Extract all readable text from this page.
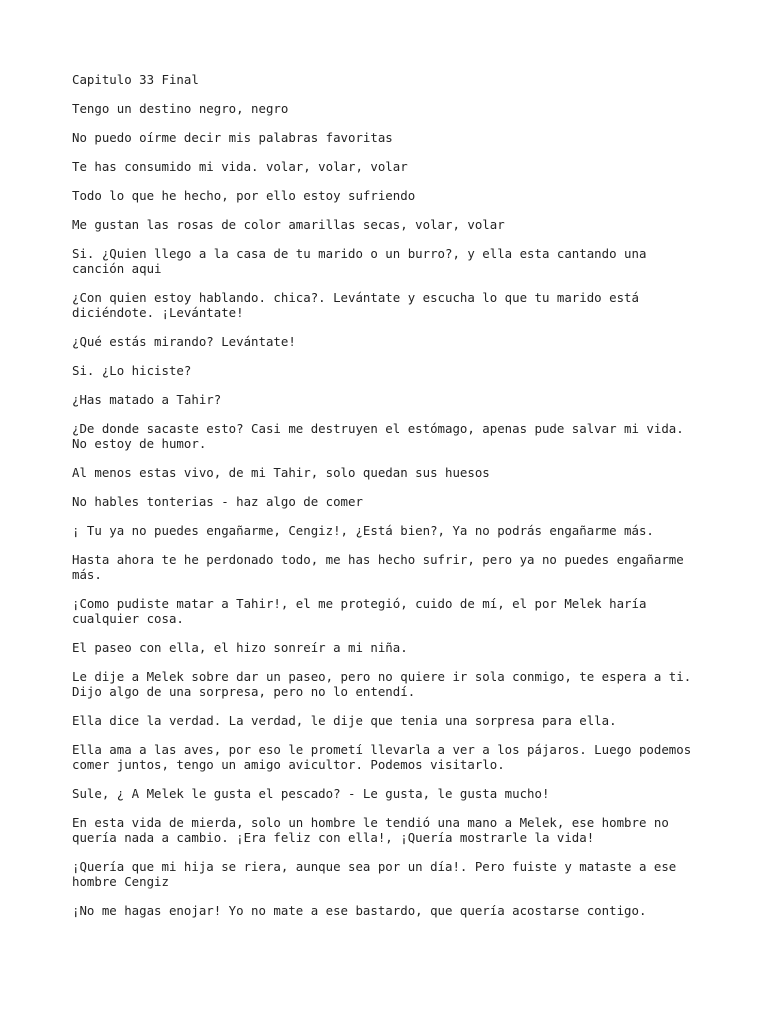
Capitulo 33 Final

Tengo un destino negro, negro

No puedo oírme decir mis palabras favoritas

Te has consumido mi vida. volar, volar, volar

Todo lo que he hecho, por ello estoy sufriendo

Me gustan las rosas de color amarillas secas, volar, volar

Si. ¿Quien llego a la casa de tu marido o un burro?, y ella esta cantando una
canción aqui

¿Con quien estoy hablando. chica?. Levántate y escucha lo que tu marido está
diciéndote. ¡Levántate!

¿Qué estás mirando? Levántate!

Si. ¿Lo hiciste?

¿Has matado a Tahir?

¿De donde sacaste esto? Casi me destruyen el estómago, apenas pude salvar mi vida.
No estoy de humor.

Al menos estas vivo, de mi Tahir, solo quedan sus huesos

No hables tonterias - haz algo de comer

¡ Tu ya no puedes engañarme, Cengiz!, ¿Está bien?, Ya no podrás engañarme más.

Hasta ahora te he perdonado todo, me has hecho sufrir, pero ya no puedes engañarme
más.

¡Como pudiste matar a Tahir!, el me protegió, cuido de mí, el por Melek haría
cualquier cosa.

El paseo con ella, el hizo sonreír a mi niña.

Le dije a Melek sobre dar un paseo, pero no quiere ir sola conmigo, te espera a ti.
Dijo algo de una sorpresa, pero no lo entendí.

Ella dice la verdad. La verdad, le dije que tenia una sorpresa para ella.

Ella ama a las aves, por eso le prometí llevarla a ver a los pájaros. Luego podemos
comer juntos, tengo un amigo avicultor. Podemos visitarlo.

Sule, ¿ A Melek le gusta el pescado? - Le gusta, le gusta mucho!

En esta vida de mierda, solo un hombre le tendió una mano a Melek, ese hombre no
quería nada a cambio. ¡Era feliz con ella!, ¡Quería mostrarle la vida!

¡Quería que mi hija se riera, aunque sea por un día!. Pero fuiste y mataste a ese
hombre Cengiz

¡No me hagas enojar! Yo no mate a ese bastardo, que quería acostarse contigo.
